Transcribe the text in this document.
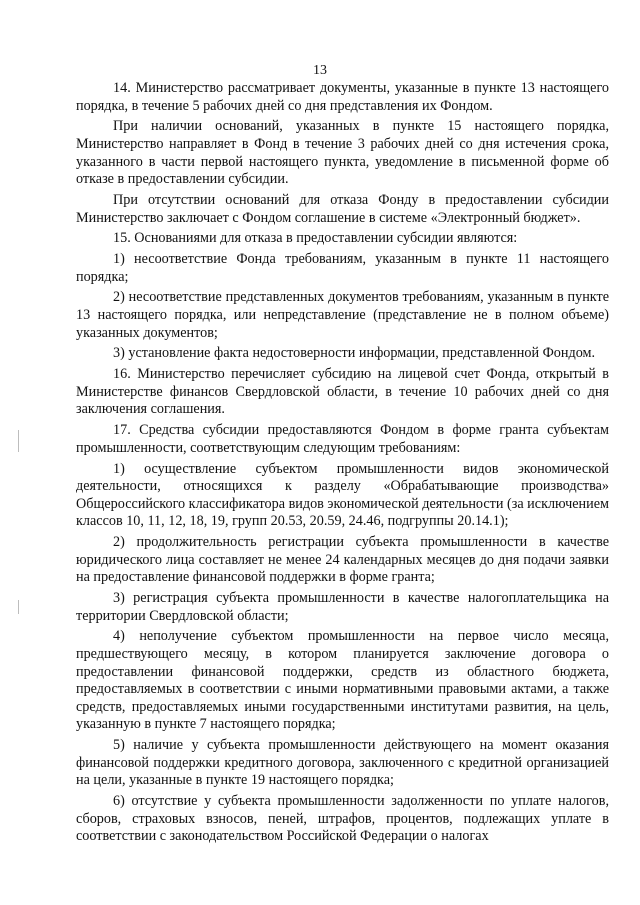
13

14. Министерство рассматривает документы, указанные в пункте 13 настоящего порядка, в течение 5 рабочих дней со дня представления их Фондом.

При наличии оснований, указанных в пункте 15 настоящего порядка, Министерство направляет в Фонд в течение 3 рабочих дней со дня истечения срока, указанного в части первой настоящего пункта, уведомление в письменной форме об отказе в предоставлении субсидии.

При отсутствии оснований для отказа Фонду в предоставлении субсидии Министерство заключает с Фондом соглашение в системе «Электронный бюджет».

15. Основаниями для отказа в предоставлении субсидии являются:

1) несоответствие Фонда требованиям, указанным в пункте 11 настоящего порядка;

2) несоответствие представленных документов требованиям, указанным в пункте 13 настоящего порядка, или непредставление (представление не в полном объеме) указанных документов;

3) установление факта недостоверности информации, представленной Фондом.

16. Министерство перечисляет субсидию на лицевой счет Фонда, открытый в Министерстве финансов Свердловской области, в течение 10 рабочих дней со дня заключения соглашения.

17. Средства субсидии предоставляются Фондом в форме гранта субъектам промышленности, соответствующим следующим требованиям:

1) осуществление субъектом промышленности видов экономической деятельности, относящихся к разделу «Обрабатывающие производства» Общероссийского классификатора видов экономической деятельности (за исключением классов 10, 11, 12, 18, 19, групп 20.53, 20.59, 24.46, подгруппы 20.14.1);

2) продолжительность регистрации субъекта промышленности в качестве юридического лица составляет не менее 24 календарных месяцев до дня подачи заявки на предоставление финансовой поддержки в форме гранта;

3) регистрация субъекта промышленности в качестве налогоплательщика на территории Свердловской области;

4) неполучение субъектом промышленности на первое число месяца, предшествующего месяцу, в котором планируется заключение договора о предоставлении финансовой поддержки, средств из областного бюджета, предоставляемых в соответствии с иными нормативными правовыми актами, а также средств, предоставляемых иными государственными институтами развития, на цель, указанную в пункте 7 настоящего порядка;

5) наличие у субъекта промышленности действующего на момент оказания финансовой поддержки кредитного договора, заключенного с кредитной организацией на цели, указанные в пункте 19 настоящего порядка;

6) отсутствие у субъекта промышленности задолженности по уплате налогов, сборов, страховых взносов, пеней, штрафов, процентов, подлежащих уплате в соответствии с законодательством Российской Федерации о налогах
